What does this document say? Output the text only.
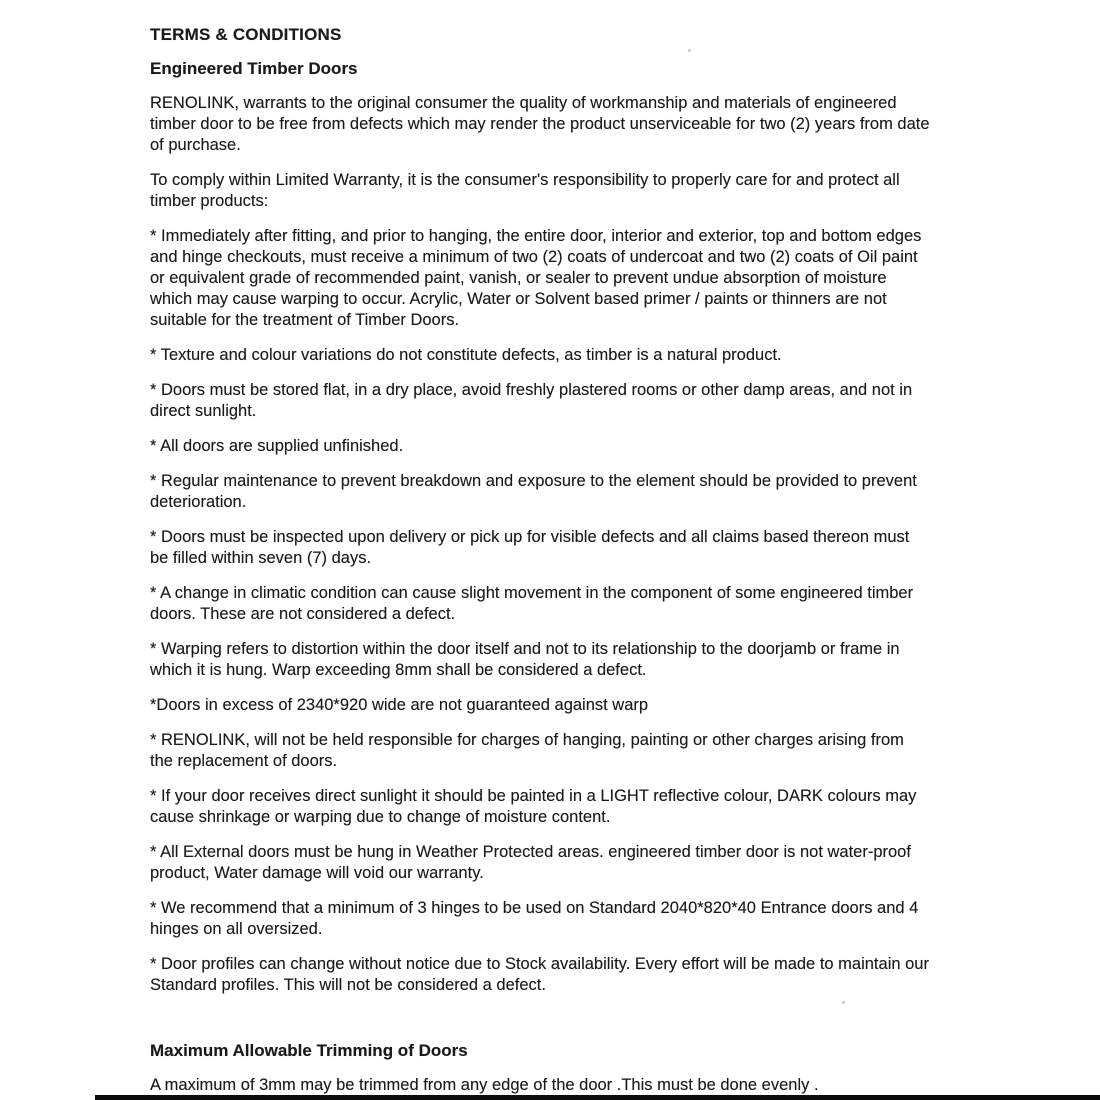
TERMS & CONDITIONS
Engineered Timber Doors

RENOLINK, warrants to the original consumer the quality of workmanship and materials of engineered timber door to be free from defects which may render the product unserviceable for two (2) years from date of purchase.

To comply within Limited Warranty, it is the consumer's responsibility to properly care for and protect all timber products:

* Immediately after fitting, and prior to hanging, the entire door, interior and exterior, top and bottom edges and hinge checkouts, must receive a minimum of two (2) coats of undercoat and two (2) coats of Oil paint or equivalent grade of recommended paint, vanish, or sealer to prevent undue absorption of moisture which may cause warping to occur. Acrylic, Water or Solvent based primer / paints or thinners are not suitable for the treatment of Timber Doors.

* Texture and colour variations do not constitute defects, as timber is a natural product.

* Doors must be stored flat, in a dry place, avoid freshly plastered rooms or other damp areas, and not in direct sunlight.

* All doors are supplied unfinished.

* Regular maintenance to prevent breakdown and exposure to the element should be provided to prevent deterioration.

* Doors must be inspected upon delivery or pick up for visible defects and all claims based thereon must be filled within seven (7) days.

* A change in climatic condition can cause slight movement in the component of some engineered timber doors. These are not considered a defect.

* Warping refers to distortion within the door itself and not to its relationship to the doorjamb or frame in which it is hung. Warp exceeding 8mm shall be considered a defect.

*Doors in excess of 2340*920 wide are not guaranteed against warp

* RENOLINK, will not be held responsible for charges of hanging, painting or other charges arising from the replacement of doors.

* If your door receives direct sunlight it should be painted in a LIGHT reflective colour, DARK colours may cause shrinkage or warping due to change of moisture content.

* All External doors must be hung in Weather Protected areas. engineered timber door is not water-proof product, Water damage will void our warranty.

* We recommend that a minimum of 3 hinges to be used on Standard 2040*820*40 Entrance doors and 4 hinges on all oversized.

* Door profiles can change without notice due to Stock availability. Every effort will be made to maintain our Standard profiles. This will not be considered a defect.

Maximum Allowable Trimming of Doors

A maximum of 3mm may be trimmed from any edge of the door .This must be done evenly .
